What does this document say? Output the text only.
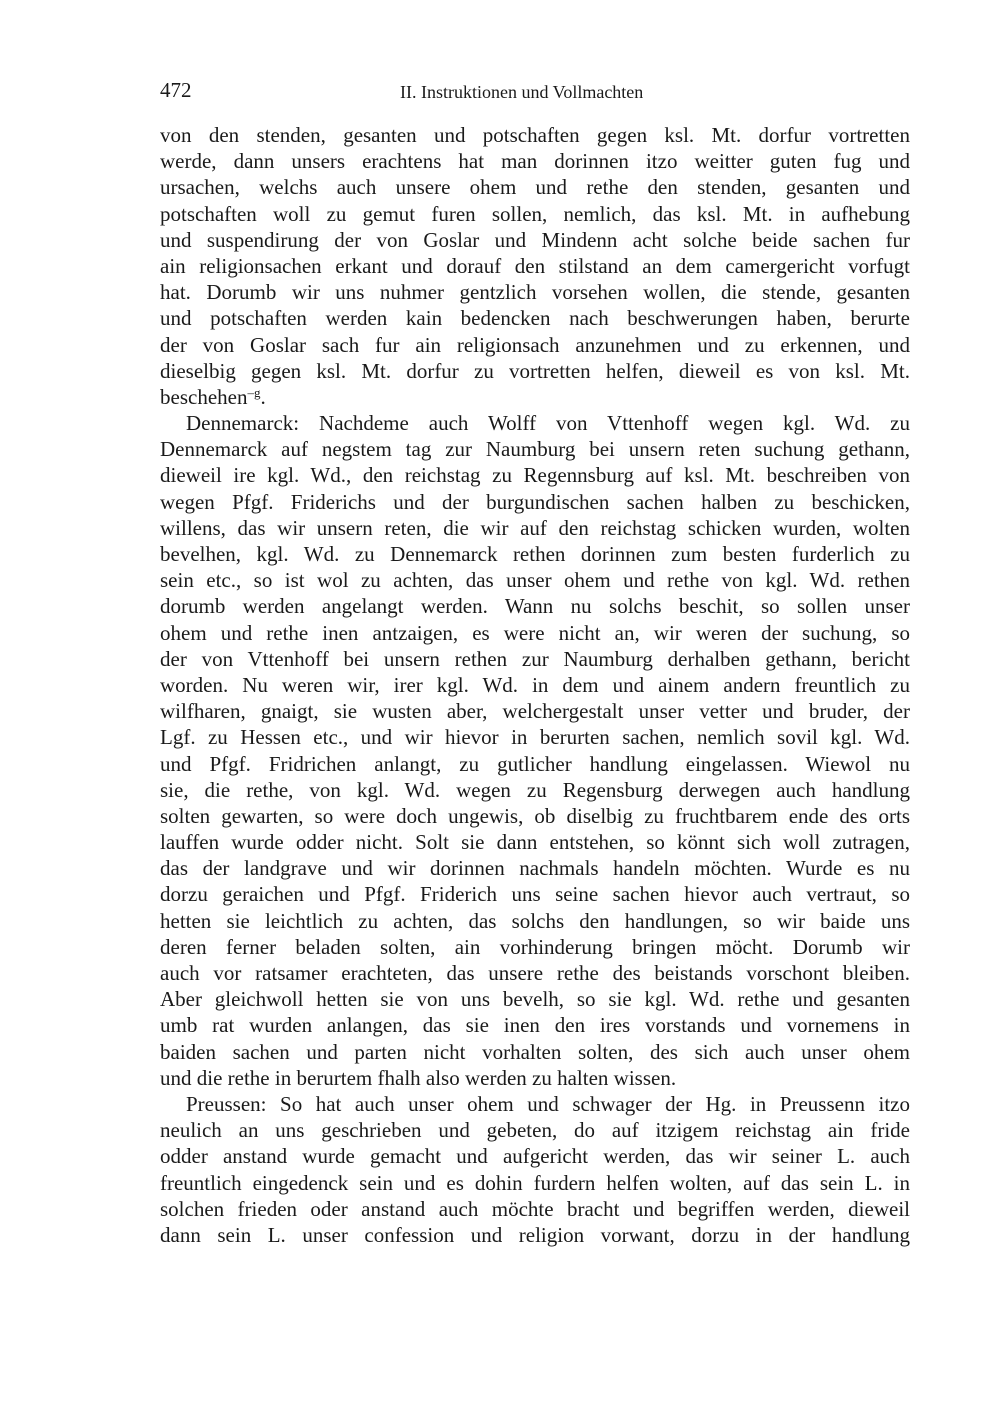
472	II. Instruktionen und Vollmachten
von den stenden, gesanten und potschaften gegen ksl. Mt. dorfur vortretten
werde, dann unsers erachtens hat man dorinnen itzo weitter guten fug und
ursachen, welchs auch unsere ohem und rethe den stenden, gesanten und
potschaften woll zu gemut furen sollen, nemlich, das ksl. Mt. in aufhebung
und suspendirung der von Goslar und Mindenn acht solche beide sachen fur
ain religionsachen erkant und dorauf den stilstand an dem camergericht vorfugt
hat. Dorumb wir uns nuhmer gentzlich vorsehen wollen, die stende, gesanten
und potschaften werden kain bedencken nach beschwerungen haben, berurte
der von Goslar sach fur ain religionsach anzunehmen und zu erkennen, und
dieselbig gegen ksl. Mt. dorfur zu vortretten helfen, dieweil es von ksl. Mt.
beschehen$^{-g}$.
Dennemarck: Nachdeme auch Wolff von Vttenhoff wegen kgl. Wd. zu
Dennemarck auf negstem tag zur Naumburg bei unsern reten suchung gethann,
dieweil ire kgl. Wd., den reichstag zu Regennsburg auf ksl. Mt. beschreiben von
wegen Pfgf. Friderichs und der burgundischen sachen halben zu beschicken,
willens, das wir unsern reten, die wir auf den reichstag schicken wurden, wolten
bevelhen, kgl. Wd. zu Dennemarck rethen dorinnen zum besten furderlich zu
sein etc., so ist wol zu achten, das unser ohem und rethe von kgl. Wd. rethen
dorumb werden angelangt werden. Wann nu solchs beschit, so sollen unser
ohem und rethe inen antzaigen, es were nicht an, wir weren der suchung, so
der von Vttenhoff bei unsern rethen zur Naumburg derhalben gethann, bericht
worden. Nu weren wir, irer kgl. Wd. in dem und ainem andern freuntlich zu
wilfharen, gnaigt, sie wusten aber, welchergestalt unser vetter und bruder, der
Lgf. zu Hessen etc., und wir hievor in berurten sachen, nemlich sovil kgl. Wd.
und Pfgf. Fridrichen anlangt, zu gutlicher handlung eingelassen. Wiewol nu
sie, die rethe, von kgl. Wd. wegen zu Regensburg derwegen auch handlung
solten gewarten, so were doch ungewis, ob diselbig zu fruchtbarem ende des orts
lauffen wurde odder nicht. Solt sie dann entstehen, so könnt sich woll zutragen,
das der landgrave und wir dorinnen nachmals handeln möchten. Wurde es nu
dorzu geraichen und Pfgf. Friderich uns seine sachen hievor auch vertraut, so
hetten sie leichtlich zu achten, das solchs den handlungen, so wir baide uns
deren ferner beladen solten, ain vorhinderung bringen möcht. Dorumb wir
auch vor ratsamer erachteten, das unsere rethe des beistands vorschont bleiben.
Aber gleichwoll hetten sie von uns bevelh, so sie kgl. Wd. rethe und gesanten
umb rat wurden anlangen, das sie inen den ires vorstands und vornemens in
baiden sachen und parten nicht vorhalten solten, des sich auch unser ohem
und die rethe in berurtem fhalh also werden zu halten wissen.
Preussen: So hat auch unser ohem und schwager der Hg. in Preussenn itzo
neulich an uns geschrieben und gebeten, do auf itzigem reichstag ain fride
odder anstand wurde gemacht und aufgericht werden, das wir seiner L. auch
freuntlich eingedenck sein und es dohin furdern helfen wolten, auf das sein L. in
solchen frieden oder anstand auch möchte bracht und begriffen werden, dieweil
dann sein L. unser confession und religion vorwant, dorzu in der handlung
